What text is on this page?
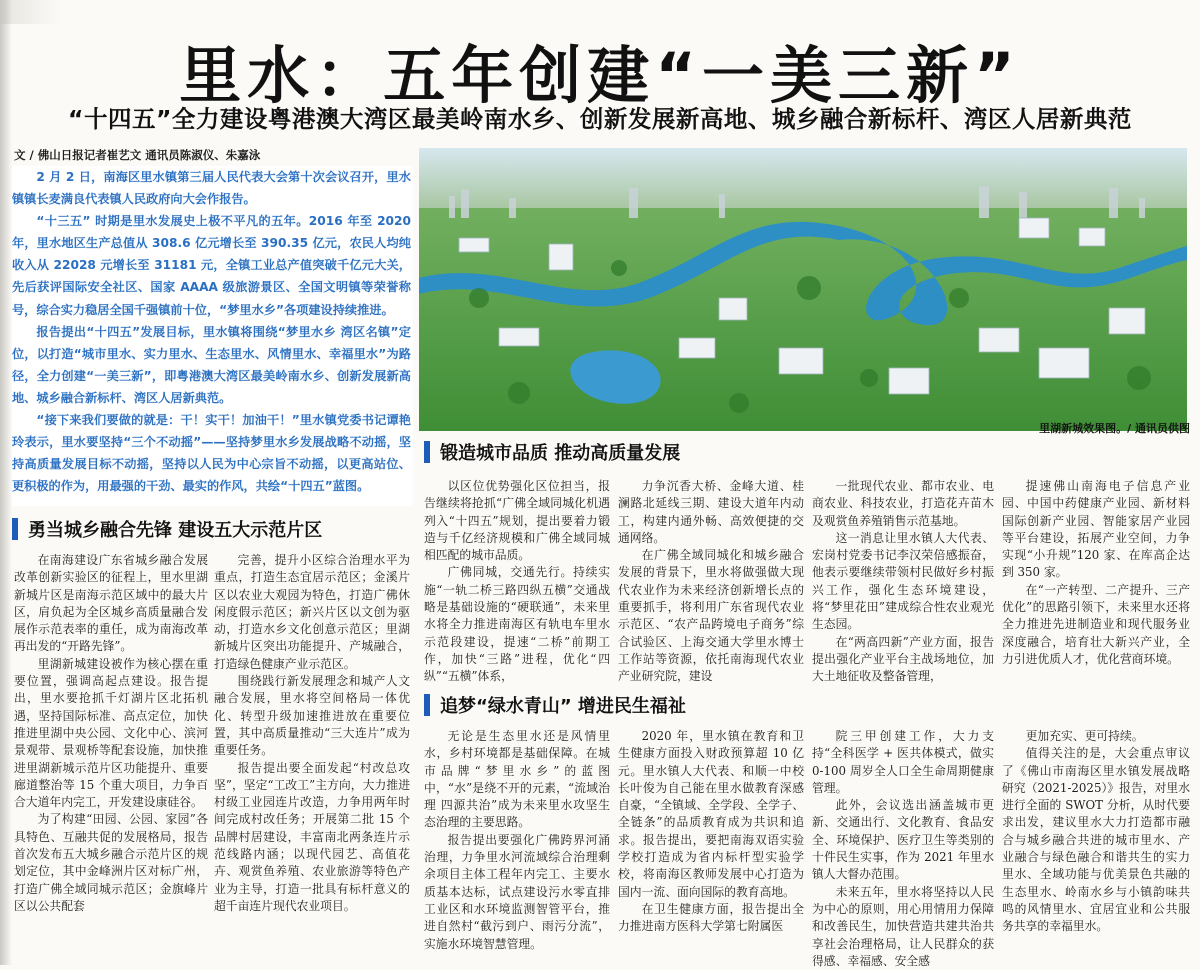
里水：五年创建“一美三新”
“十四五”全力建设粤港澳大湾区最美岭南水乡、创新发展新高地、城乡融合新标杆、湾区人居新典范
文 / 佛山日报记者崔艺文 通讯员陈淑仪、朱嘉泳

2 月 2 日，南海区里水镇第三届人民代表大会第十次会议召开，里水镇镇长麦满良代表镇人民政府向大会作报告。

“十三五” 时期是里水发展史上极不平凡的五年。2016 年至 2020 年，里水地区生产总值从 308.6 亿元增长至 390.35 亿元，农民人均纯收入从 22028 元增长至 31181 元，全镇工业总产值突破千亿元大关，先后获评国际安全社区、国家 AAAA 级旅游景区、全国文明镇等荣誉称号，综合实力稳居全国千强镇前十位，“梦里水乡”各项建设持续推进。

报告提出“十四五”发展目标，里水镇将围绕“梦里水乡 湾区名镇”定位，以打造“城市里水、实力里水、生态里水、风情里水、幸福里水”为路径，全力创建“一美三新”，即粤港澳大湾区最美岭南水乡、创新发展新高地、城乡融合新标杆、湾区人居新典范。

“接下来我们要做的就是：干！实干！加油干！”里水镇党委书记谭艳玲表示，里水要坚持“三个不动摇”——坚持梦里水乡发展战略不动摇，坚持高质量发展目标不动摇，坚持以人民为中心宗旨不动摇，以更高站位、更积极的作为，用最强的干劲、最实的作风，共绘“十四五”蓝图。

里湖新城效果图。/ 通讯员供图
勇当城乡融合先锋 建设五大示范片区
锻造城市品质 推动高质量发展
追梦“绿水青山” 增进民生福祉

在南海建设广东省城乡融合发展改革创新实验区的征程上，里水里湖新城片区是南海示范区域中的最大片区，肩负起为全区城乡高质量融合发展作示范表率的重任，成为南海改革再出发的“开路先锋”。

里湖新城建设被作为核心摆在重要位置，强调高起点建设。报告提出，里水要抢抓千灯湖片区北拓机遇，坚持国际标准、高点定位，加快推进里湖中央公园、文化中心、滨河景观带、景观桥等配套设施，加快推进里湖新城示范片区功能提升、重要廊道整治等 15 个重大项目，力争百合大道年内完工，开发建设康硅谷。

为了构建“田园、公园、家园”各具特色、互融共促的发展格局，报告首次发布五大城乡融合示范片区的规划定位，其中金峰洲片区对标广州，打造广佛全域同城示范区；金旗峰片区以公共配套

完善，提升小区综合治理水平为重点，打造生态宜居示范区；金溪片区以农业大观园为特色，打造广佛休闲度假示范区；新兴片区以文创为驱动，打造水乡文化创意示范区；里湖新城片区突出功能提升、产城融合，打造绿色健康产业示范区。

围绕践行新发展理念和城产人文融合发展，里水将空间格局一体优化、转型升级加速推进放在重要位置，其中高质量推动“三大连片”成为重要任务。

报告提出要全面发起“村改总攻坚”，坚定“工改工”主方向，大力推进村级工业园连片改造，力争用两年时间完成村改任务；开展第二批 15 个品牌村居建设，丰富南北两条连片示范线路内涵；以现代园艺、高值花卉、观赏鱼养殖、农业旅游等特色产业为主导，打造一批具有标杆意义的超千亩连片现代农业项目。

以区位优势强化区位担当，报告继续将抢抓“广佛全域同城化机遇列入“十四五”规划，提出要着力锻造与千亿经济规模和广佛全域同城相匹配的城市品质。

广佛同城，交通先行。持续实施“一轨二桥三路四纵五横”交通战略是基础设施的“硬联通”，未来里水将全力推进南海区有轨电车里水示范段建设，提速“二桥”前期工作，加快“三路”进程，优化“四纵”“五横”体系，

力争沉香大桥、金峰大道、桂澜路北延线三期、建设大道年内动工，构建内通外畅、高效便捷的交通网络。

在广佛全域同城化和城乡融合发展的背景下，里水将做强做大现代农业作为未来经济创新增长点的重要抓手，将利用广东省现代农业示范区、“农产品跨境电子商务”综合试验区、上海交通大学里水博士工作站等资源，依托南海现代农业产业研究院，建设

一批现代农业、都市农业、电商农业、科技农业，打造花卉苗木及观赏鱼养殖销售示范基地。

这一消息让里水镇人大代表、宏岗村党委书记李汉荣倍感振奋，他表示要继续带领村民做好乡村振兴工作，强化生态环境建设，将“梦里花田”建成综合性农业观光生态园。

在“两高四新”产业方面，报告提出强化产业平台主战场地位，加大土地征收及整备管理，

提速佛山南海电子信息产业园、中国中药健康产业园、新材料国际创新产业园、智能家居产业园等平台建设，拓展产业空间，力争实现“小升规”120 家、在库高企达到 350 家。

在“一产转型、二产提升、三产优化”的思路引领下，未来里水还将全力推进先进制造业和现代服务业深度融合，培育壮大新兴产业，全力引进优质人才，优化营商环境。

无论是生态里水还是风情里水，乡村环境都是基础保障。在城市品牌“梦里水乡”的蓝图中，“水”是绕不开的元素，“流域治理 四源共治”成为未来里水攻坚生态治理的主要思路。

报告提出要强化广佛跨界河涌治理，力争里水河流域综合治理剩余项目主体工程年内完工、主要水质基本达标，试点建设污水零直排工业区和水环境监测智管平台，推进自然村“截污到户、雨污分流”，实施水环境智慧管理。

2020 年，里水镇在教育和卫生健康方面投入财政预算超 10 亿元。里水镇人大代表、和顺一中校长叶俊为自己能在里水做教育深感自豪，“全镇域、全学段、全学子、全链条”的品质教育成为共识和追求。报告提出，要把南海双语实验学校打造成为省内标杆型实验学校，将南海区教师发展中心打造为国内一流、面向国际的教育高地。

在卫生健康方面，报告提出全力推进南方医科大学第七附属医

院三甲创建工作，大力支持“全科医学 + 医共体模式，做实 0-100 周岁全人口全生命周期健康管理。

此外，会议选出涵盖城市更新、交通出行、文化教育、食品安全、环境保护、医疗卫生等类别的十件民生实事，作为 2021 年里水镇人大督办范围。

未来五年，里水将坚持以人民为中心的原则，用心用情用力保障和改善民生，加快营造共建共治共享社会治理格局，让人民群众的获得感、幸福感、安全感

更加充实、更可持续。

值得关注的是，大会重点审议了《佛山市南海区里水镇发展战略研究（2021-2025）》报告，对里水进行全面的 SWOT 分析，从时代要求出发，建议里水大力打造都市融合与城乡融合共进的城市里水、产业融合与绿色融合和谐共生的实力里水、全域功能与优美景色共融的生态里水、岭南水乡与小镇韵味共鸣的风情里水、宜居宜业和公共服务共享的幸福里水。
